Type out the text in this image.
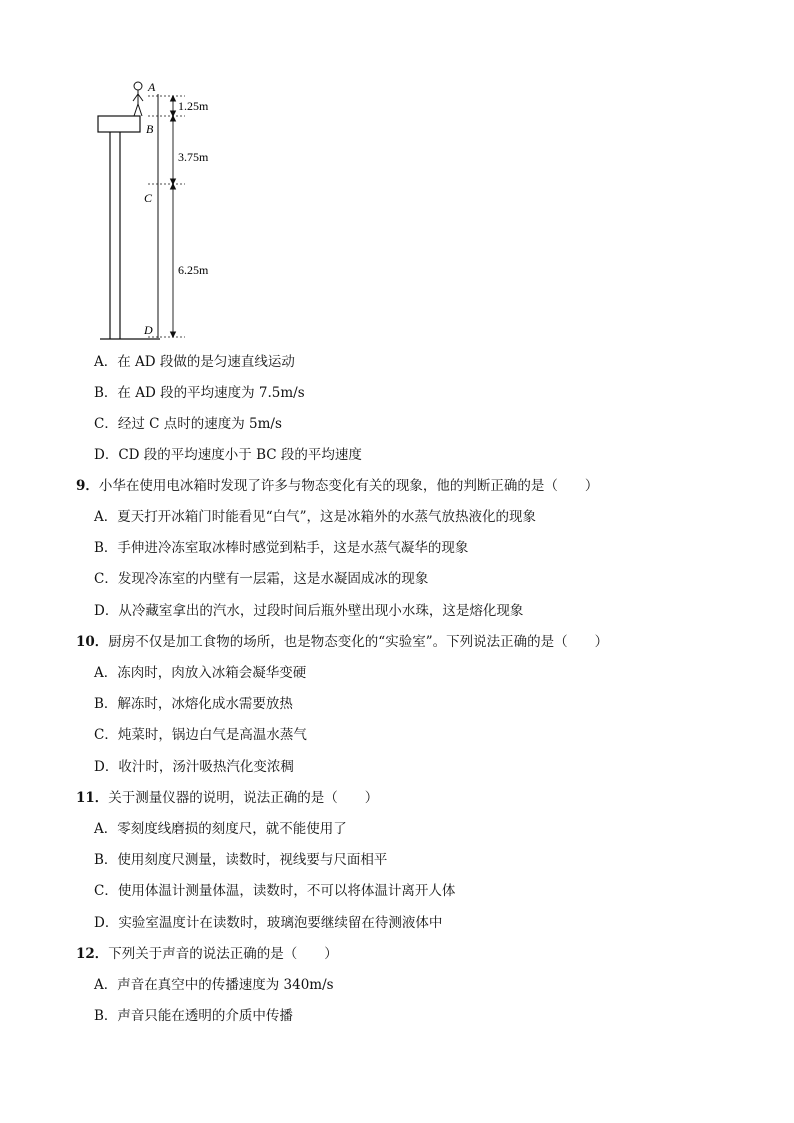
A
B
C
D
1.25m
3.75m
6.25m
A．在 AD 段做的是匀速直线运动
B．在 AD 段的平均速度为 7.5m/s
C．经过 C 点时的速度为 5m/s
D．CD 段的平均速度小于 BC 段的平均速度
9．小华在使用电冰箱时发现了许多与物态变化有关的现象，他的判断正确的是（　　）
A．夏天打开冰箱门时能看见“白气”，这是冰箱外的水蒸气放热液化的现象
B．手伸进冷冻室取冰棒时感觉到粘手，这是水蒸气凝华的现象
C．发现冷冻室的内壁有一层霜，这是水凝固成冰的现象
D．从冷藏室拿出的汽水，过段时间后瓶外壁出现小水珠，这是熔化现象
10．厨房不仅是加工食物的场所，也是物态变化的“实验室”。下列说法正确的是（　　）
A．冻肉时，肉放入冰箱会凝华变硬
B．解冻时，冰熔化成水需要放热
C．炖菜时，锅边白气是高温水蒸气
D．收汁时，汤汁吸热汽化变浓稠
11．关于测量仪器的说明，说法正确的是（　　）
A．零刻度线磨损的刻度尺，就不能使用了
B．使用刻度尺测量，读数时，视线要与尺面相平
C．使用体温计测量体温，读数时，不可以将体温计离开人体
D．实验室温度计在读数时，玻璃泡要继续留在待测液体中
12．下列关于声音的说法正确的是（　　）
A．声音在真空中的传播速度为 340m/s
B．声音只能在透明的介质中传播
